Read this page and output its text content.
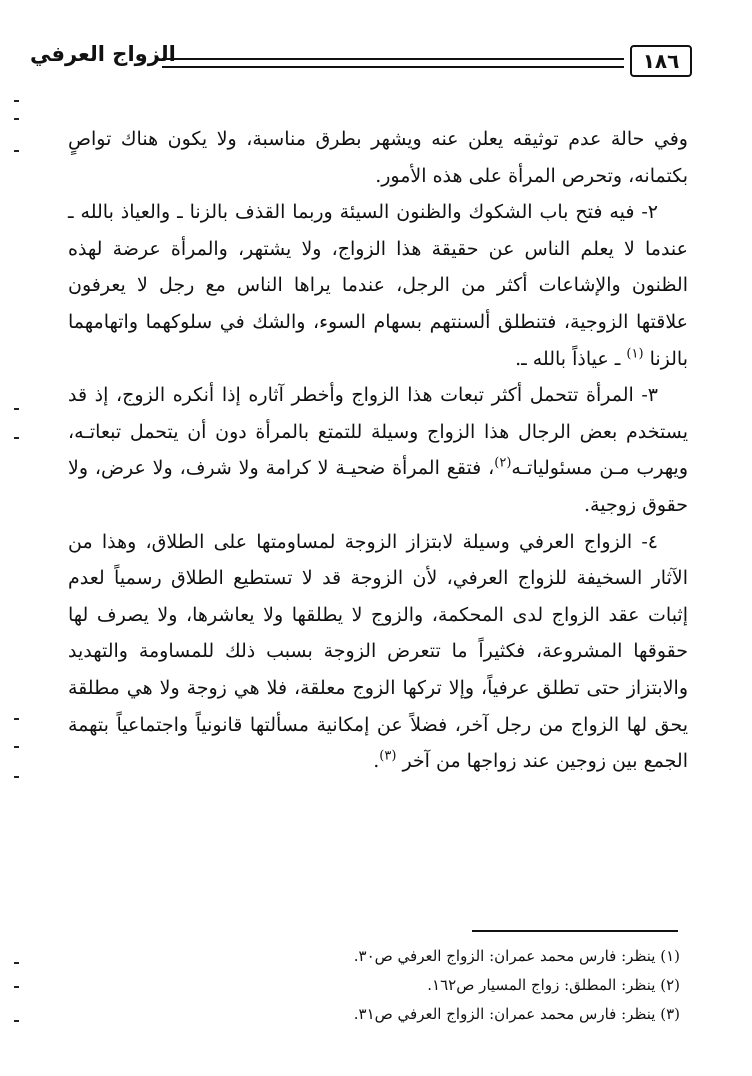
الزواج العرفي	١٨٦

وفي حالة عدم توثيقه يعلن عنه ويشهر بطرق مناسبة، ولا يكون هناك تواصٍ بكتمانه، وتحرص المرأة على هذه الأمور.

٢- فيه فتح باب الشكوك والظنون السيئة وربما القذف بالزنا ـ والعياذ بالله ـ عندما لا يعلم الناس عن حقيقة هذا الزواج، ولا يشتهر، والمرأة عرضة لهذه الظنون والإشاعات أكثر من الرجل، عندما يراها الناس مع رجل لا يعرفون علاقتها الزوجية، فتنطلق ألسنتهم بسهام السوء، والشك في سلوكهما واتهامهما بالزنا $^{(١)}$ ـ عياذاً بالله ـ.

٣- المرأة تتحمل أكثر تبعات هذا الزواج وأخطر آثاره إذا أنكره الزوج، إذ قد يستخدم بعض الرجال هذا الزواج وسيلة للتمتع بالمرأة دون أن يتحمل تبعاتـه، ويهرب مـن مسئولياتـه$^{(٢)}$، فتقع المرأة ضحيـة لا كرامة ولا شرف، ولا عرض، ولا حقوق زوجية.

٤- الزواج العرفي وسيلة لابتزاز الزوجة لمساومتها على الطلاق، وهذا من الآثار السخيفة للزواج العرفي، لأن الزوجة قد لا تستطيع الطلاق رسمياً لعدم إثبات عقد الزواج لدى المحكمة، والزوج لا يطلقها ولا يعاشرها، ولا يصرف لها حقوقها المشروعة، فكثيراً ما تتعرض الزوجة بسبب ذلك للمساومة والتهديد والابتزاز حتى تطلق عرفياً، وإلا تركها الزوج معلقة، فلا هي زوجة ولا هي مطلقة يحق لها الزواج من رجل آخر، فضلاً عن إمكانية مسألتها قانونياً واجتماعياً بتهمة الجمع بين زوجين عند زواجها من آخر $^{(٣)}$.

(١) ينظر: فارس محمد عمران: الزواج العرفي ص٣٠.

(٢) ينظر: المطلق: زواج المسيار ص١٦٢.

(٣) ينظر: فارس محمد عمران: الزواج العرفي ص٣١.
